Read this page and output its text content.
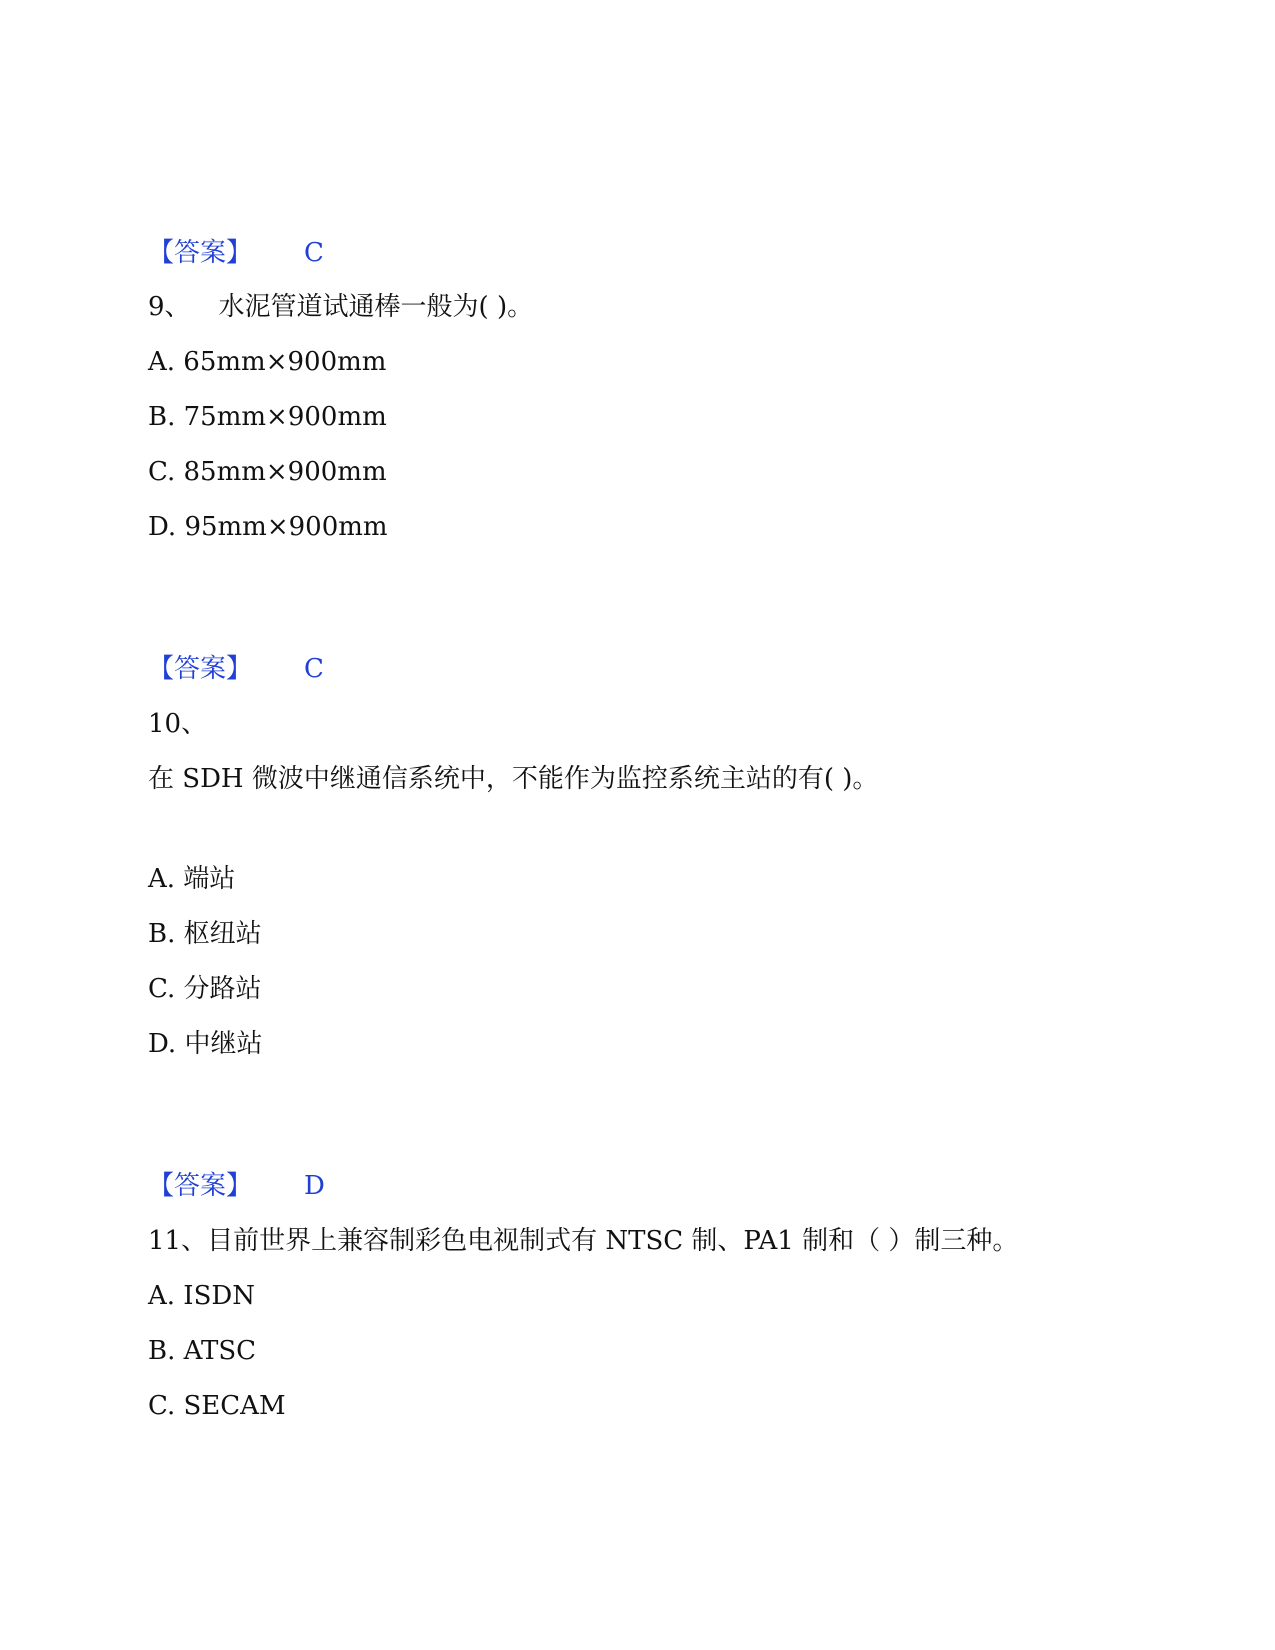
【答案】 C
9、 水泥管道试通棒一般为( )。
A. 65mm×900mm
B. 75mm×900mm
C. 85mm×900mm
D. 95mm×900mm
【答案】 C
10、
在 SDH 微波中继通信系统中，不能作为监控系统主站的有( )。
A. 端站
B. 枢纽站
C. 分路站
D. 中继站
【答案】 D
11、目前世界上兼容制彩色电视制式有 NTSC 制、PA1 制和（ ）制三种。
A. ISDN
B. ATSC
C. SECAM
